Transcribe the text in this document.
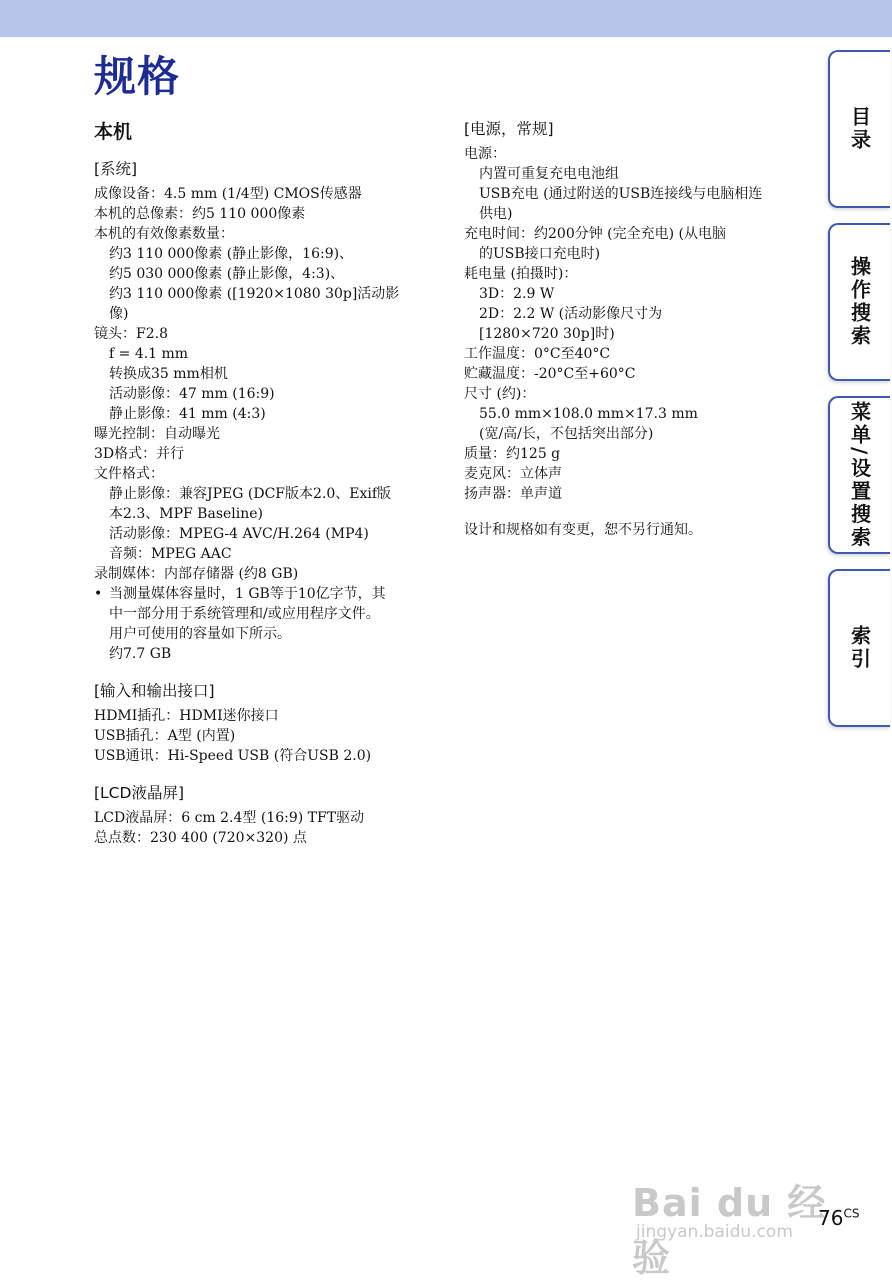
规格
本机
[系统]
成像设备：4.5 mm (1/4型) CMOS传感器
本机的总像素：约5 110 000像素
本机的有效像素数量：
约3 110 000像素 (静止影像，16:9)、
约5 030 000像素 (静止影像，4:3)、
约3 110 000像素 ([1920×1080 30p]活动影
像)
镜头：F2.8
f = 4.1 mm
转换成35 mm相机
活动影像：47 mm (16:9)
静止影像：41 mm (4:3)
曝光控制：自动曝光
3D格式：并行
文件格式：
静止影像：兼容JPEG (DCF版本2.0、Exif版
本2.3、MPF Baseline)
活动影像：MPEG-4 AVC/H.264 (MP4)
音频：MPEG AAC
录制媒体：内部存储器 (约8 GB)
• 当测量媒体容量时，1 GB等于10亿字节，其
中一部分用于系统管理和/或应用程序文件。
用户可使用的容量如下所示。
约7.7 GB
[输入和输出接口]
HDMI插孔：HDMI迷你接口
USB插孔：A型 (内置)
USB通讯：Hi-Speed USB (符合USB 2.0)
[LCD液晶屏]
LCD液晶屏：6 cm 2.4型 (16:9) TFT驱动
总点数：230 400 (720×320) 点
[电源，常规]
电源：
内置可重复充电电池组
USB充电 (通过附送的USB连接线与电脑相连
供电)
充电时间：约200分钟 (完全充电) (从电脑
的USB接口充电时)
耗电量 (拍摄时)：
3D：2.9 W
2D：2.2 W (活动影像尺寸为
[1280×720 30p]时)
工作温度：0°C至40°C
贮藏温度：-20°C至+60°C
尺寸 (约)：
55.0 mm×108.0 mm×17.3 mm
(宽/高/长，不包括突出部分)
质量：约125 g
麦克风：立体声
扬声器：单声道
设计和规格如有变更，恕不另行通知。
目录
操作搜索
菜单/设置搜索
索引
Bai du 经验
jingyan.baidu.com
$76^{CS}$
